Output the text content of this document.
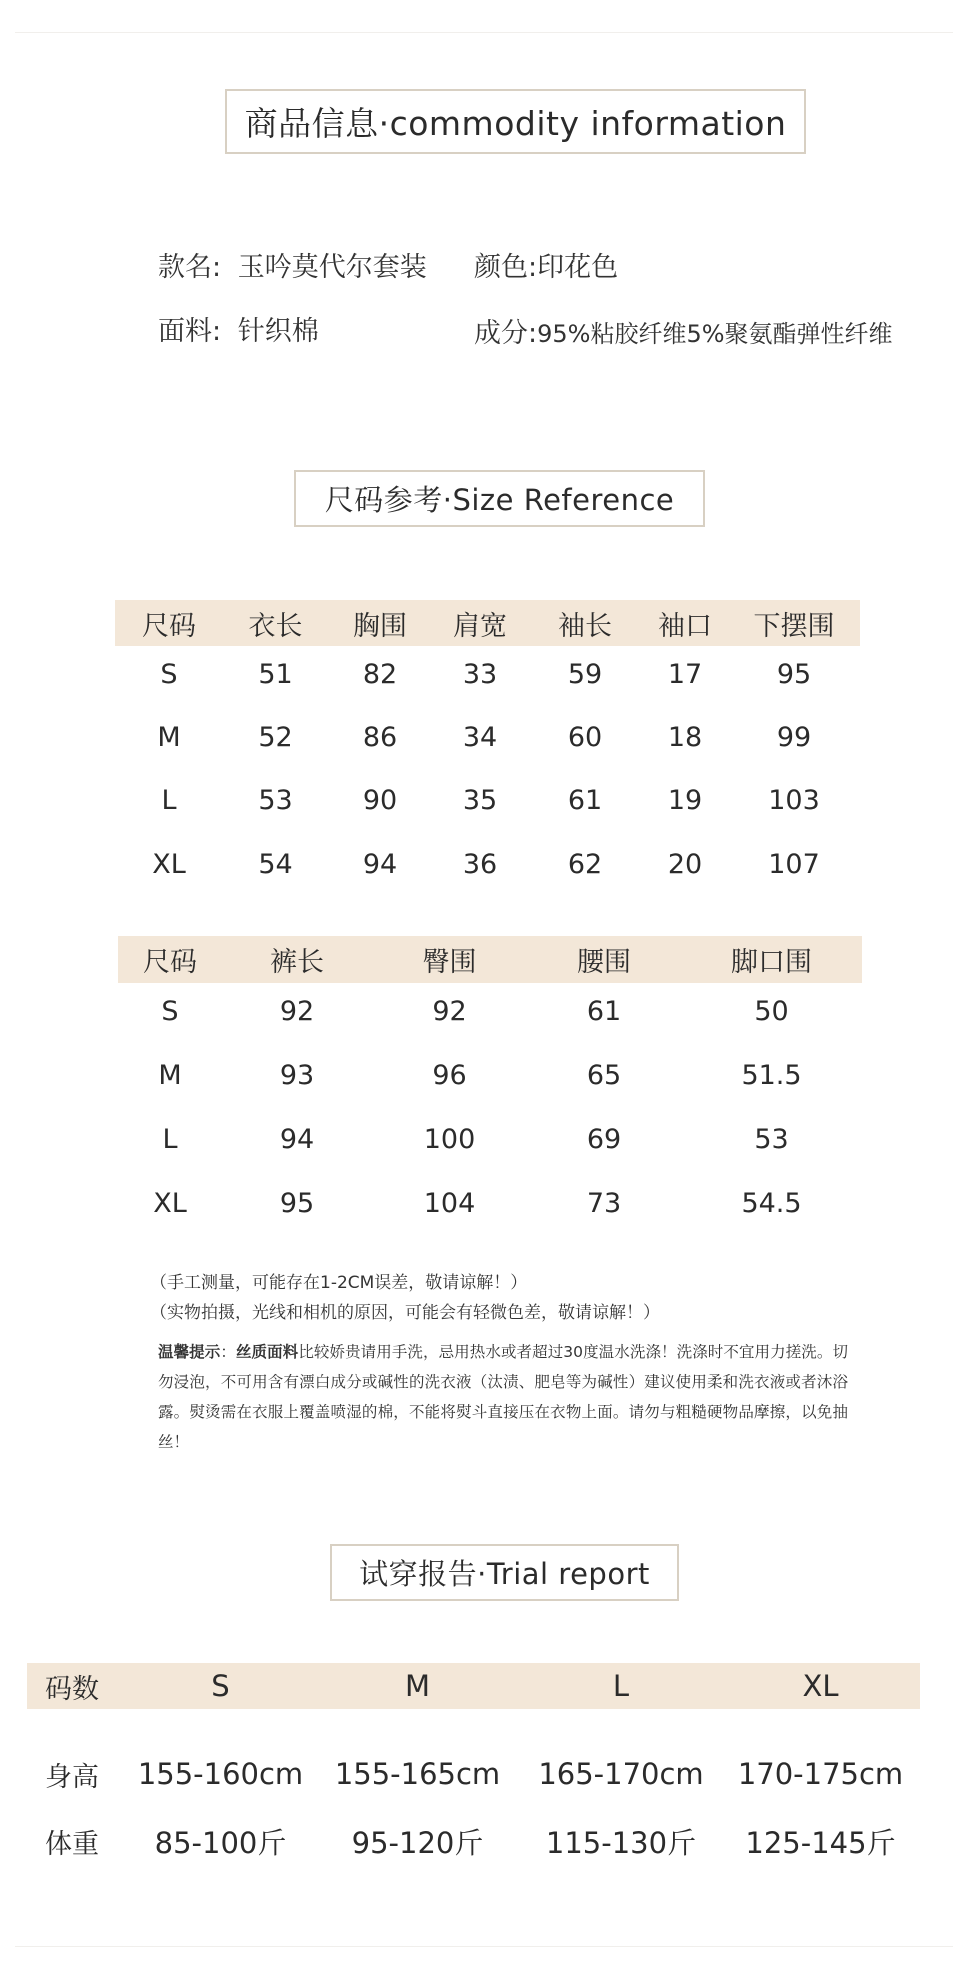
商品信息·commodity information
款名: 玉吟莫代尔套装 颜色:印花色
面料: 针织棉	成分:95%粘胶纤维5%聚氨酯弹性纤维
尺码参考·Size Reference
尺码	衣长	胸围	肩宽	袖长	袖口	下摆围
S	51	82	33	59	17	95
M	52	86	34	60	18	99
L	53	90	35	61	19	103
XL	54	94	36	62	20	107
尺码	裤长	臀围	腰围	脚口围
S	92	92	61	50
M	93	96	65	51.5
L	94	100	69	53
XL	95	104	73	54.5
（手工测量，可能存在1-2CM误差，敬请谅解！）
（实物拍摄，光线和相机的原因，可能会有轻微色差，敬请谅解！）
温馨提示：丝质面料比较娇贵请用手洗，忌用热水或者超过30度温水洗涤！洗涤时不宜用力搓洗。切勿浸泡，不可用含有漂白成分或碱性的洗衣液（汰渍、肥皂等为碱性）建议使用柔和洗衣液或者沐浴露。熨烫需在衣服上覆盖喷湿的棉，不能将熨斗直接压在衣物上面。请勿与粗糙硬物品摩擦，以免抽丝！
试穿报告·Trial report
码数	S	M	L	XL
身高	155-160cm	155-165cm	165-170cm	170-175cm
体重	85-100斤	95-120斤	115-130斤	125-145斤
